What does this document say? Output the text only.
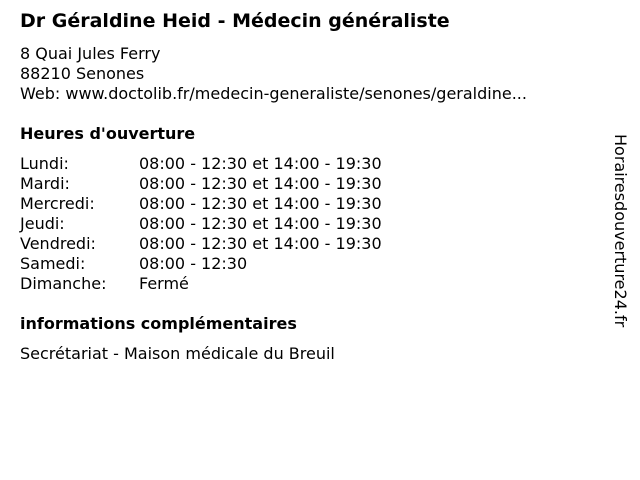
Dr Géraldine Heid - Médecin généraliste
8 Quai Jules Ferry
88210 Senones
Web: www.doctolib.fr/medecin-generaliste/senones/geraldine...
Heures d'ouverture
Lundi:	08:00 - 12:30 et 14:00 - 19:30
Mardi:	08:00 - 12:30 et 14:00 - 19:30
Mercredi:	08:00 - 12:30 et 14:00 - 19:30
Jeudi:	08:00 - 12:30 et 14:00 - 19:30
Vendredi:	08:00 - 12:30 et 14:00 - 19:30
Samedi:	08:00 - 12:30
Dimanche: Fermé
informations complémentaires
Secrétariat - Maison médicale du Breuil
Horairesdouverture24.fr
